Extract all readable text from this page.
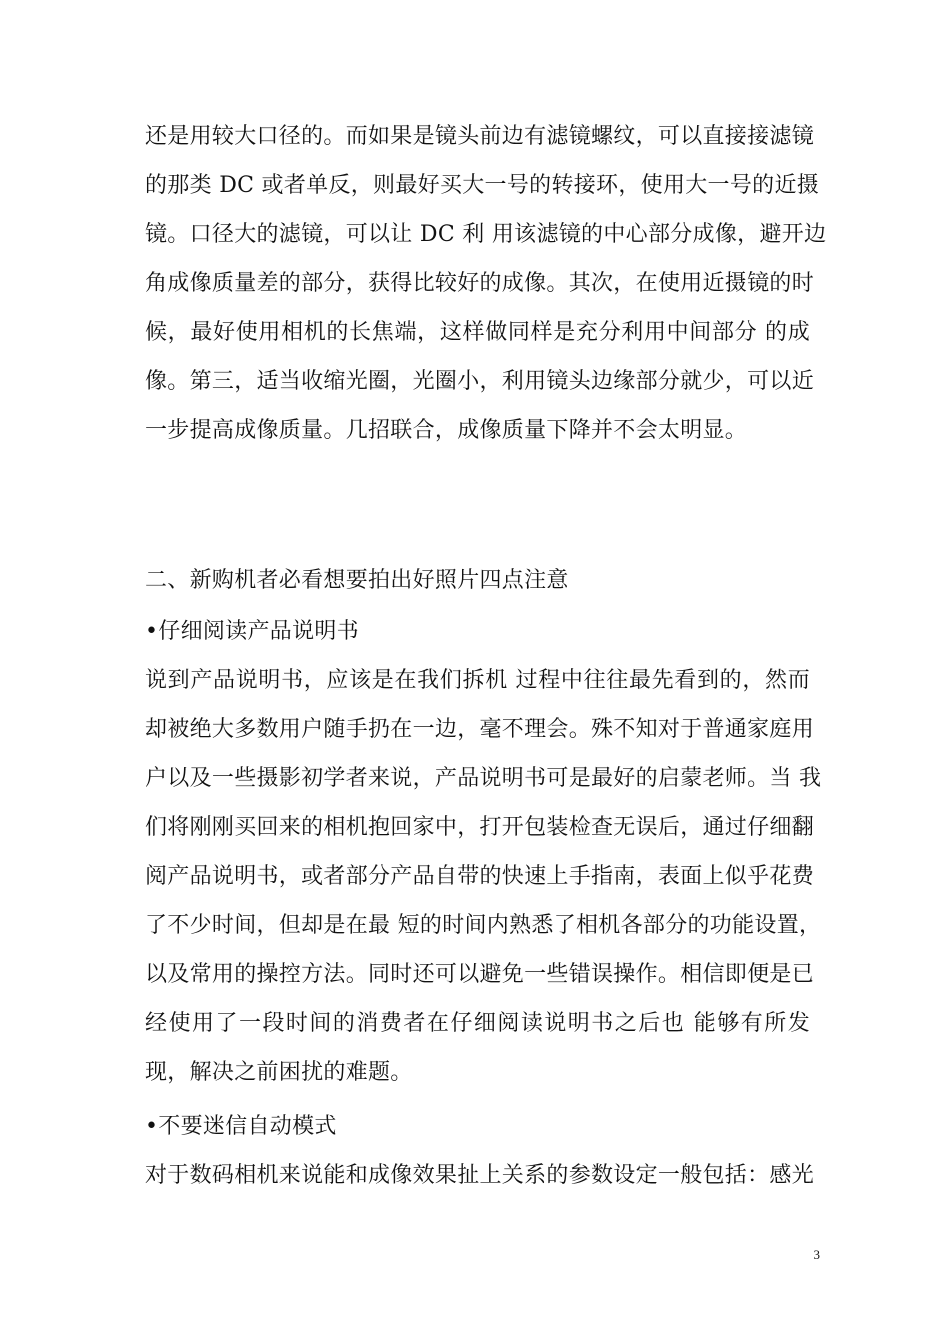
还是用较大口径的。而如果是镜头前边有滤镜螺纹，可以直接接滤镜

的那类 DC 或者单反，则最好买大一号的转接环，使用大一号的近摄

镜。口径大的滤镜，可以让 DC 利 用该滤镜的中心部分成像，避开边

角成像质量差的部分，获得比较好的成像。其次，在使用近摄镜的时

候，最好使用相机的长焦端，这样做同样是充分利用中间部分 的成

像。第三，适当收缩光圈，光圈小，利用镜头边缘部分就少，可以近

一步提高成像质量。几招联合，成像质量下降并不会太明显。

二、新购机者必看想要拍出好照片四点注意

•仔细阅读产品说明书

说到产品说明书，应该是在我们拆机 过程中往往最先看到的，然而

却被绝大多数用户随手扔在一边，毫不理会。殊不知对于普通家庭用

户以及一些摄影初学者来说，产品说明书可是最好的启蒙老师。当 我

们将刚刚买回来的相机抱回家中，打开包装检查无误后，通过仔细翻

阅产品说明书，或者部分产品自带的快速上手指南，表面上似乎花费

了不少时间，但却是在最 短的时间内熟悉了相机各部分的功能设置，

以及常用的操控方法。同时还可以避免一些错误操作。相信即便是已

经使用了一段时间的消费者在仔细阅读说明书之后也 能够有所发

现，解决之前困扰的难题。

•不要迷信自动模式

对于数码相机来说能和成像效果扯上关系的参数设定一般包括：感光

3
